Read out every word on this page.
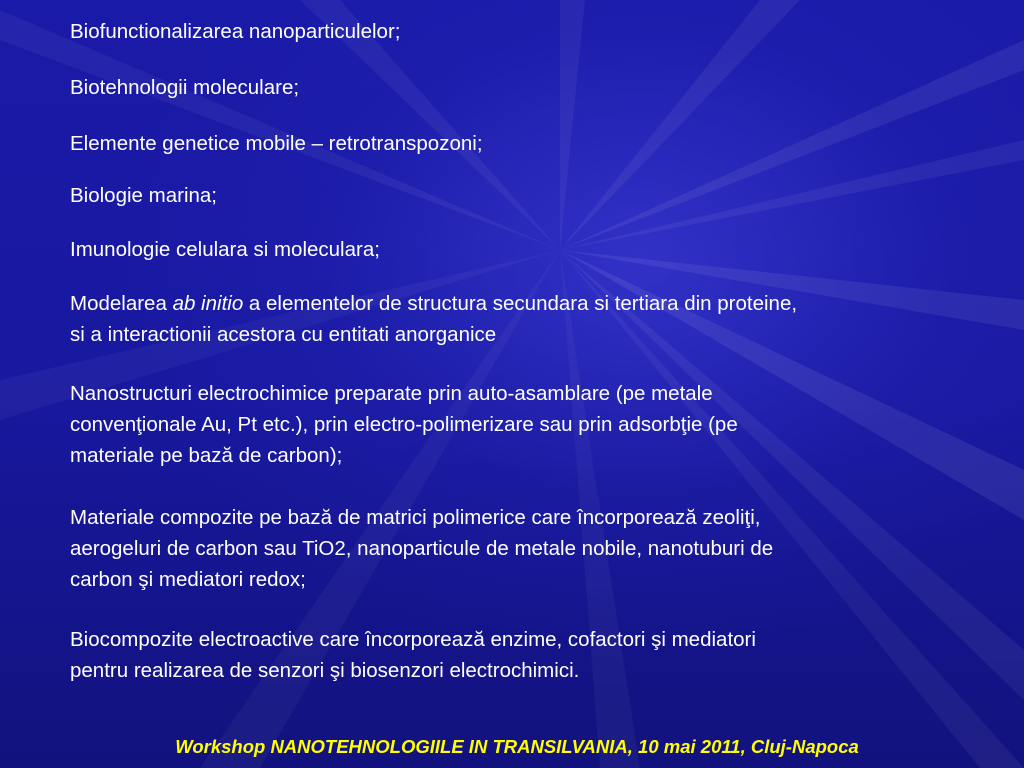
Biofunctionalizarea nanoparticulelor;

Biotehnologii moleculare;

Elemente genetice mobile – retrotranspozoni;

Biologie marina;

Imunologie celulara si moleculara;

Modelarea ab initio a elementelor de structura secundara si tertiara din proteine,
si a interactionii acestora cu entitati anorganice

Nanostructuri electrochimice preparate prin auto-asamblare (pe metale
convenţionale Au, Pt etc.), prin electro-polimerizare sau prin adsorbţie (pe
materiale pe bază de carbon);

Materiale compozite pe bază de matrici polimerice care încorporează zeoliţi,
aerogeluri de carbon sau TiO2, nanoparticule de metale nobile, nanotuburi de
carbon şi mediatori redox;

Biocompozite electroactive care încorporează enzime, cofactori şi mediatori
pentru realizarea de senzori şi biosenzori electrochimici.

Workshop NANOTEHNOLOGIILE IN TRANSILVANIA, 10 mai 2011, Cluj-Napoca
